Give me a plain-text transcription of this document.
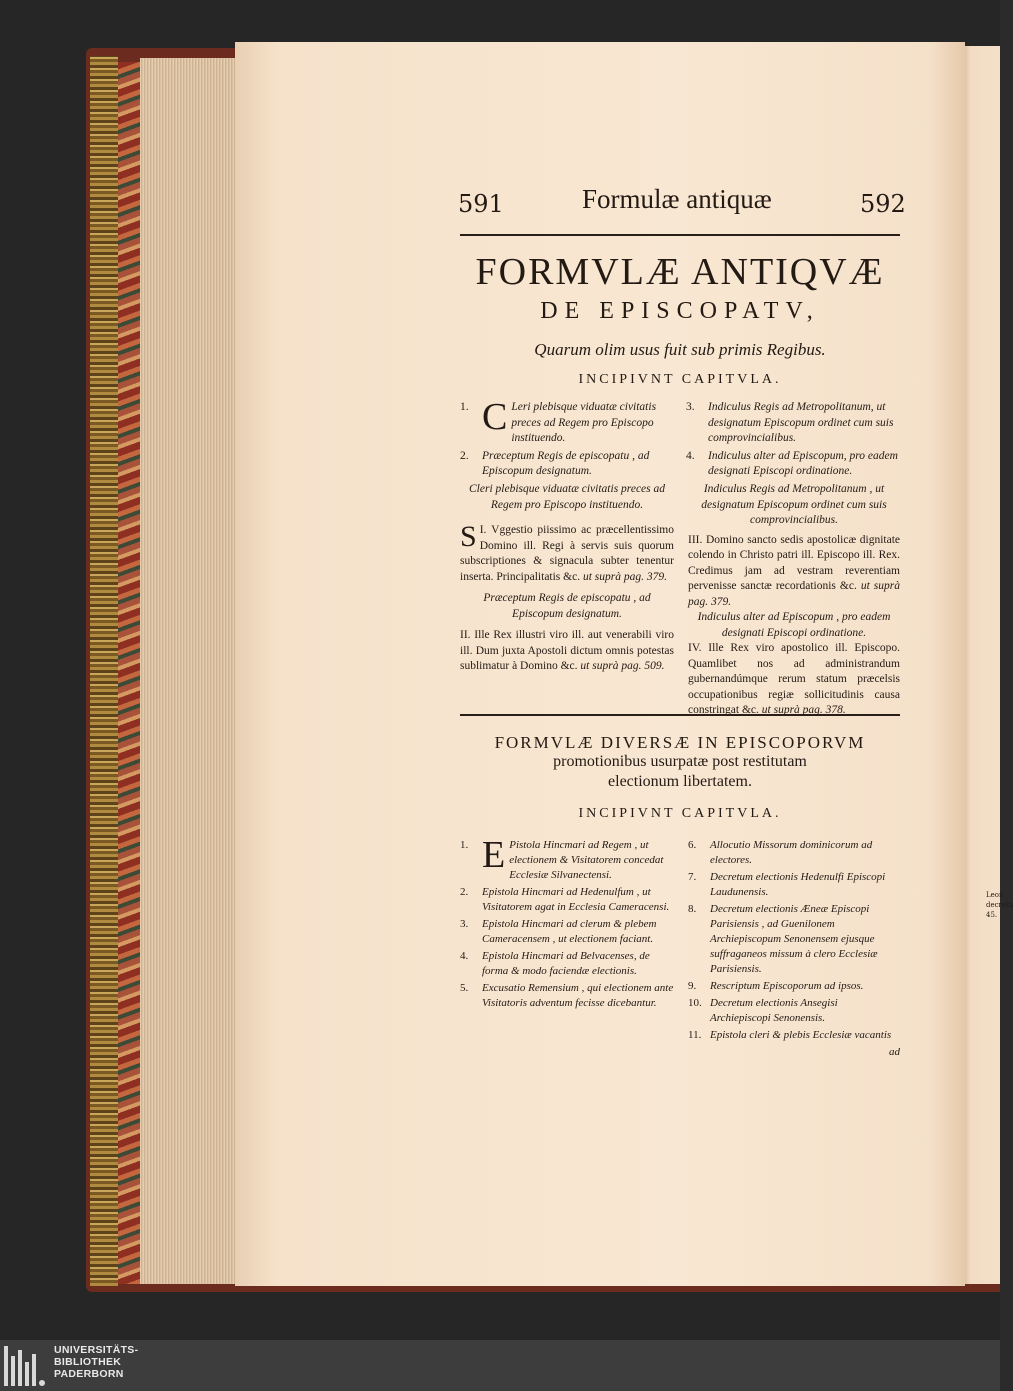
Leon
decreta
45.
591	Formulæ antiquæ	592
FORMVLÆ ANTIQVÆ
DE EPISCOPATV,
Quarum olim usus fuit sub primis Regibus.
INCIPIVNT CAPITVLA.
1. C Leri plebisque viduatæ civitatis preces ad Regem pro Episcopo instituendo.
2.	Præceptum Regis de episcopatu , ad Episcopum designatum.
3.	Indiculus Regis ad Metropolitanum, ut designatum Episcopum ordinet cum suis comprovincialibus.
4.	Indiculus alter ad Episcopum, pro eadem designati Episcopi ordinatione.
Cleri plebisque viduatæ civitatis preces ad Regem pro Episcopo instituendo.
I.
S Vggestio piissimo ac præcellentissimo Domino ill. Regi à servis suis quorum subscriptiones & signacula subter tenentur inserta. Principalitatis &c. ut suprà pag. 379.
Præceptum Regis de episcopatu , ad Episcopum designatum.
II. Ille Rex illustri viro ill. aut venerabili viro ill. Dum juxta Apostoli dictum omnis potestas sublimatur à Domino &c. ut suprà pag. 509.
Indiculus Regis ad Metropolitanum , ut designatum Episcopum ordinet cum suis comprovincialibus.
III. Domino sancto sedis apostolicæ dignitate colendo in Christo patri ill. Episcopo ill. Rex. Credimus jam ad vestram reverentiam pervenisse sanctæ recordationis &c. ut suprà pag. 379.
Indiculus alter ad Episcopum , pro eadem designati Episcopi ordinatione.
IV. Ille Rex viro apostolico ill. Episcopo. Quamlibet nos ad administrandum gubernandúmque rerum statum præcelsis occupationibus regiæ sollicitudinis causa constringat &c. ut suprà pag. 378.
FORMVLÆ DIVERSÆ IN EPISCOPORVM
promotionibus usurpatæ post restitutam
electionum libertatem.
INCIPIVNT CAPITVLA.
1. E Pistola Hincmari ad Regem , ut electionem & Visitatorem concedat Ecclesiæ Silvanectensi.
2.	Epistola Hincmari ad Hedenulfum , ut Visitatorem agat in Ecclesia Cameracensi.
3.	Epistola Hincmari ad clerum & plebem Cameracensem , ut electionem faciant.
4.	Epistola Hincmari ad Belvacenses, de forma & modo faciendæ electionis.
5.	Excusatio Remensium , qui electionem ante Visitatoris adventum fecisse dicebantur.
6.	Allocutio Missorum dominicorum ad electores.
7.	Decretum electionis Hedenulfi Episcopi Laudunensis.
8.	Decretum electionis Æneæ Episcopi Parisiensis , ad Guenilonem Archiepiscopum Senonensem ejusque suffraganeos missum à clero Ecclesiæ Parisiensis.
9.	Rescriptum Episcoporum ad ipsos.
10. Decretum electionis Ansegisi Archiepiscopi Senonensis.
11. Epistola cleri & plebis Ecclesiæ vacantis
ad
UNIVERSITÄTS-
BIBLIOTHEK
PADERBORN
